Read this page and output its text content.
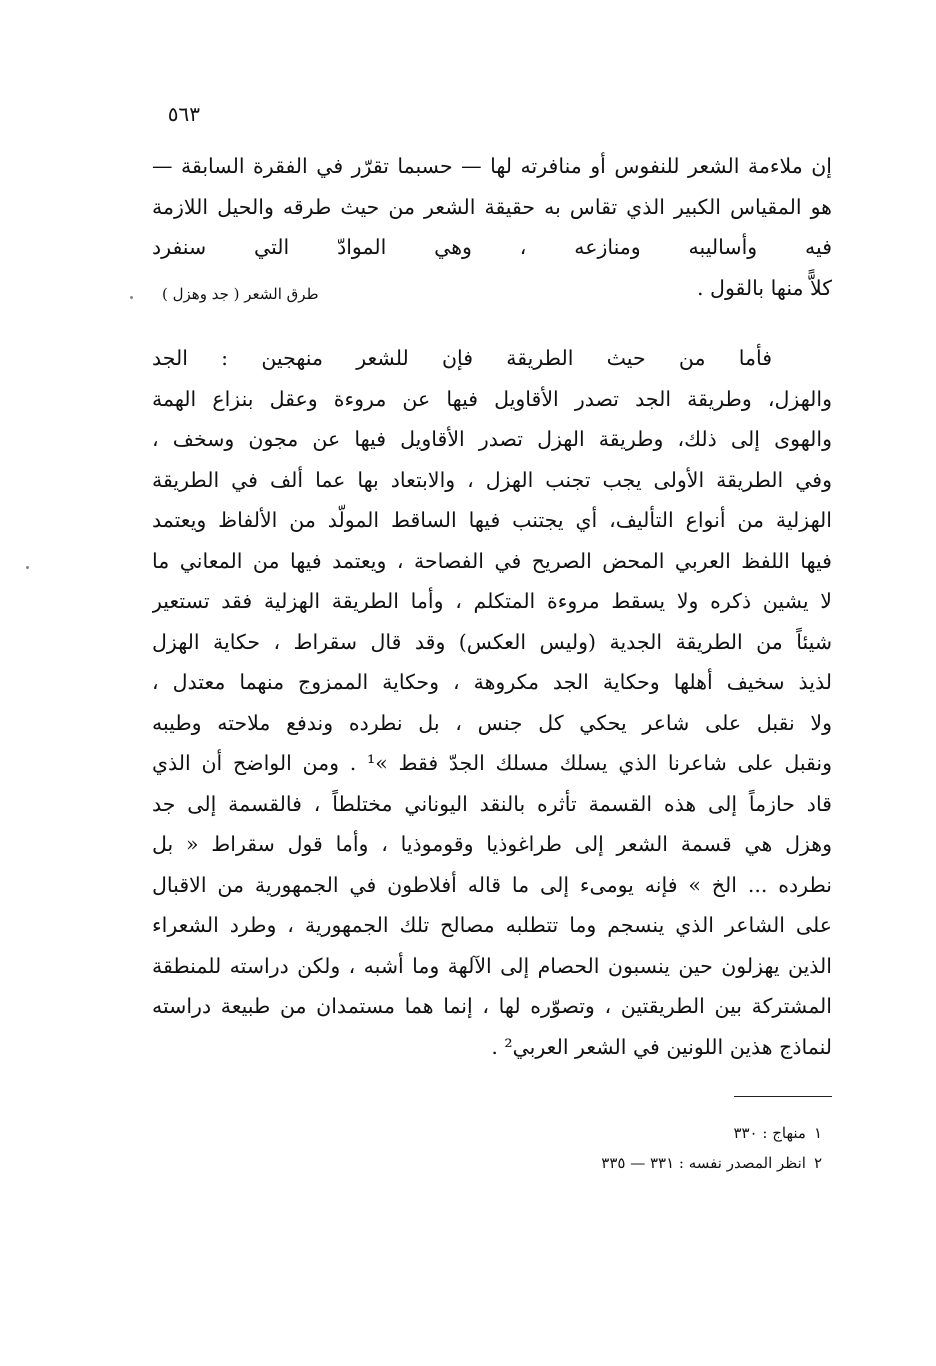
٥٦٣
إن ملاءمة الشعر للنفوس أو منافرته لها — حسبما تقرّر في الفقرة السابقة —
هو المقياس الكبير الذي تقاس به حقيقة الشعر من حيث طرقه والحيل اللازمة
فيه وأساليبه ومنازعه ، وهي الموادّ التي سنفرد
كلاًّ منها بالقول .
طرق الشعر ( جد وهزل )
فأما من حيث الطريقة فإن للشعر منهجين : الجد
والهزل، وطريقة الجد تصدر الأقاويل فيها عن مروءة وعقل بنزاع الهمة
والهوى إلى ذلك، وطريقة الهزل تصدر الأقاويل فيها عن مجون وسخف ،
وفي الطريقة الأولى يجب تجنب الهزل ، والابتعاد بها عما ألف في الطريقة
الهزلية من أنواع التأليف، أي يجتنب فيها الساقط المولّد من الألفاظ ويعتمد
فيها اللفظ العربي المحض الصريح في الفصاحة ، ويعتمد فيها من المعاني ما
لا يشين ذكره ولا يسقط مروءة المتكلم ، وأما الطريقة الهزلية فقد تستعير
شيئاً من الطريقة الجدية (وليس العكس) وقد قال سقراط ، حكاية الهزل
لذيذ سخيف أهلها وحكاية الجد مكروهة ، وحكاية الممزوج منهما معتدل ،
ولا نقبل على شاعر يحكي كل جنس ، بل نطرده وندفع ملاحته وطيبه
ونقبل على شاعرنا الذي يسلك مسلك الجدّ فقط »¹ . ومن الواضح أن الذي
قاد حازماً إلى هذه القسمة تأثره بالنقد اليوناني مختلطاً ، فالقسمة إلى جد
وهزل هي قسمة الشعر إلى طراغوذيا وقوموذيا ، وأما قول سقراط « بل
نطرده ... الخ » فإنه يومىء إلى ما قاله أفلاطون في الجمهورية من الاقبال
على الشاعر الذي ينسجم وما تتطلبه مصالح تلك الجمهورية ، وطرد الشعراء
الذين يهزلون حين ينسبون الحصام إلى الآلهة وما أشبه ، ولكن دراسته للمنطقة
المشتركة بين الطريقتين ، وتصوّره لها ، إنما هما مستمدان من طبيعة دراسته
لنماذج هذين اللونين في الشعر العربي² .
١منهاج : ٣٣٠
٢انظر المصدر نفسه : ٣٣١ — ٣٣٥
